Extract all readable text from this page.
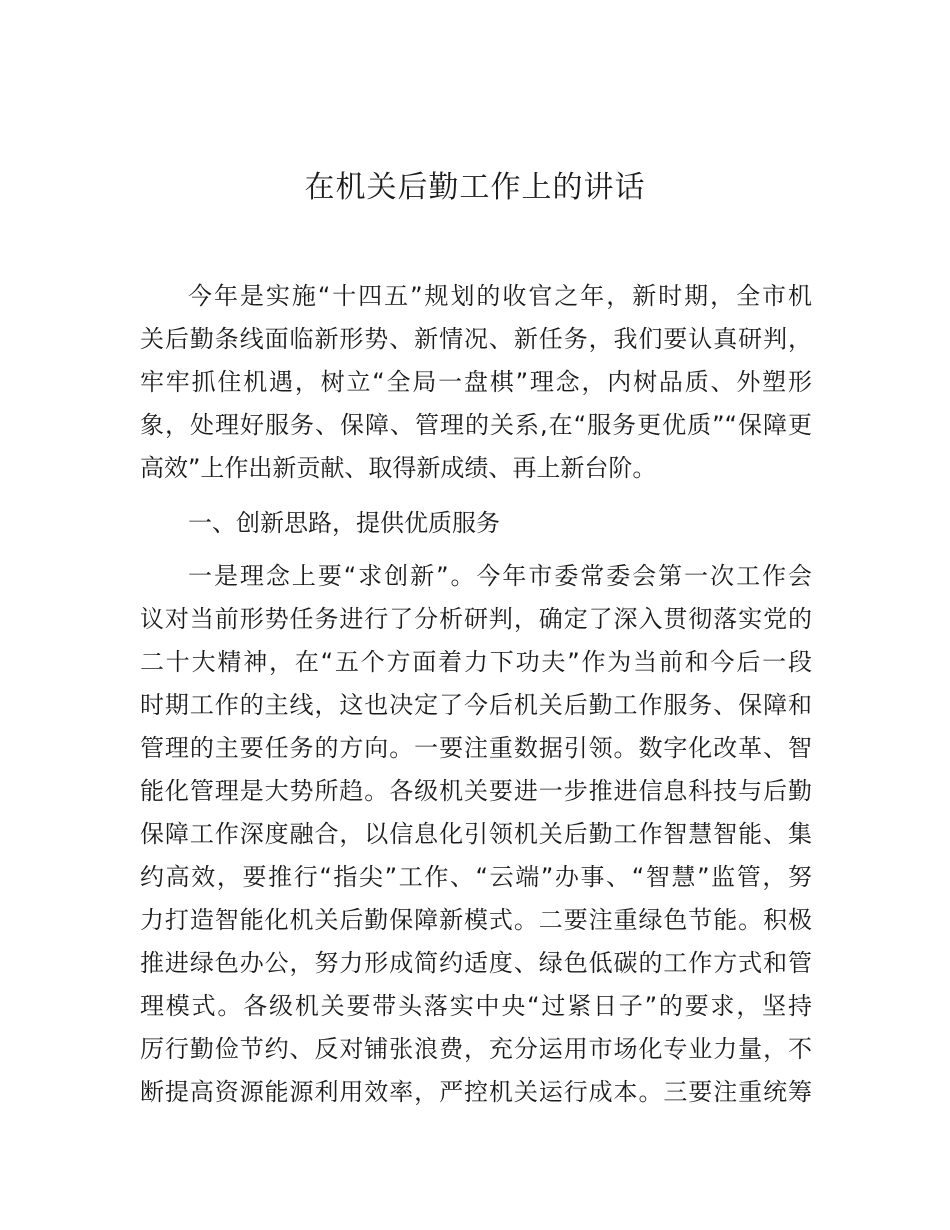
在机关后勤工作上的讲话
今年是实施“十四五”规划的收官之年，新时期，全市机
关后勤条线面临新形势、新情况、新任务，我们要认真研判，
牢牢抓住机遇，树立“全局一盘棋”理念，内树品质、外塑形
象，处理好服务、保障、管理的关系,在“服务更优质”“保障更
高效”上作出新贡献、取得新成绩、再上新台阶。
一、创新思路，提供优质服务
一是理念上要“求创新”。今年市委常委会第一次工作会
议对当前形势任务进行了分析研判，确定了深入贯彻落实党的
二十大精神，在“五个方面着力下功夫”作为当前和今后一段
时期工作的主线，这也决定了今后机关后勤工作服务、保障和
管理的主要任务的方向。一要注重数据引领。数字化改革、智
能化管理是大势所趋。各级机关要进一步推进信息科技与后勤
保障工作深度融合，以信息化引领机关后勤工作智慧智能、集
约高效，要推行“指尖”工作、“云端”办事、“智慧”监管，努
力打造智能化机关后勤保障新模式。二要注重绿色节能。积极
推进绿色办公，努力形成简约适度、绿色低碳的工作方式和管
理模式。各级机关要带头落实中央“过紧日子”的要求，坚持
厉行勤俭节约、反对铺张浪费，充分运用市场化专业力量，不
断提高资源能源利用效率，严控机关运行成本。三要注重统筹
